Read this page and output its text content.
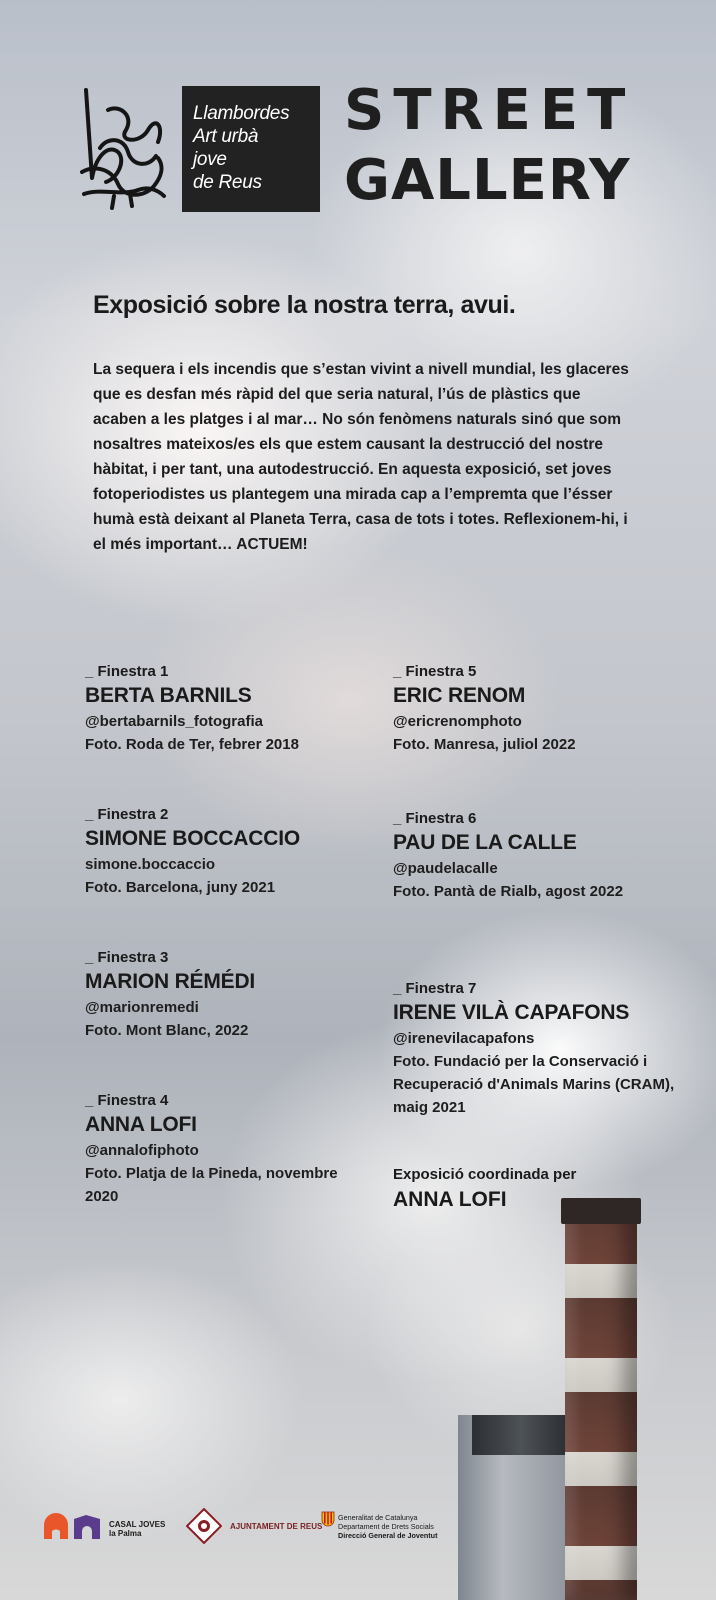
Llambordes
Art urbà
jove
de Reus
STREET
GALLERY
Exposició sobre la nostra terra, avui.
La sequera i els incendis que s’estan vivint a nivell mundial, les glaceres que es desfan més ràpid del que seria natural, l’ús de plàstics que acaben a les platges i al mar… No són fenòmens naturals sinó que som nosaltres mateixos/es els que estem causant la destrucció del nostre hàbitat, i per tant, una autodestrucció. En aquesta exposició, set joves fotoperiodistes us plantegem una mirada cap a l’empremta que l’ésser humà està deixant al Planeta Terra, casa de tots i totes. Reflexionem-hi, i el més important… ACTUEM!
_ Finestra 1
BERTA BARNILS
@bertabarnils_fotografia
Foto. Roda de Ter, febrer 2018
_ Finestra 2
SIMONE BOCCACCIO
simone.boccaccio
Foto. Barcelona, juny 2021
_ Finestra 3
MARION RÉMÉDI
@marionremedi
Foto. Mont Blanc, 2022
_ Finestra 4
ANNA LOFI
@annalofiphoto
Foto. Platja de la Pineda, novembre 2020
_ Finestra 5
ERIC RENOM
@ericrenomphoto
Foto. Manresa, juliol 2022
_ Finestra 6
PAU DE LA CALLE
@paudelacalle
Foto. Pantà de Rialb, agost 2022
_ Finestra 7
IRENE VILÀ CAPAFONS
@irenevilacapafons
Foto. Fundació per la Conservació i Recuperació d'Animals Marins (CRAM), maig 2021
Exposició coordinada per
ANNA LOFI
CASAL JOVES
la Palma
AJUNTAMENT DE REUS
Generalitat de Catalunya
Departament de Drets Socials
Direcció General de Joventut
